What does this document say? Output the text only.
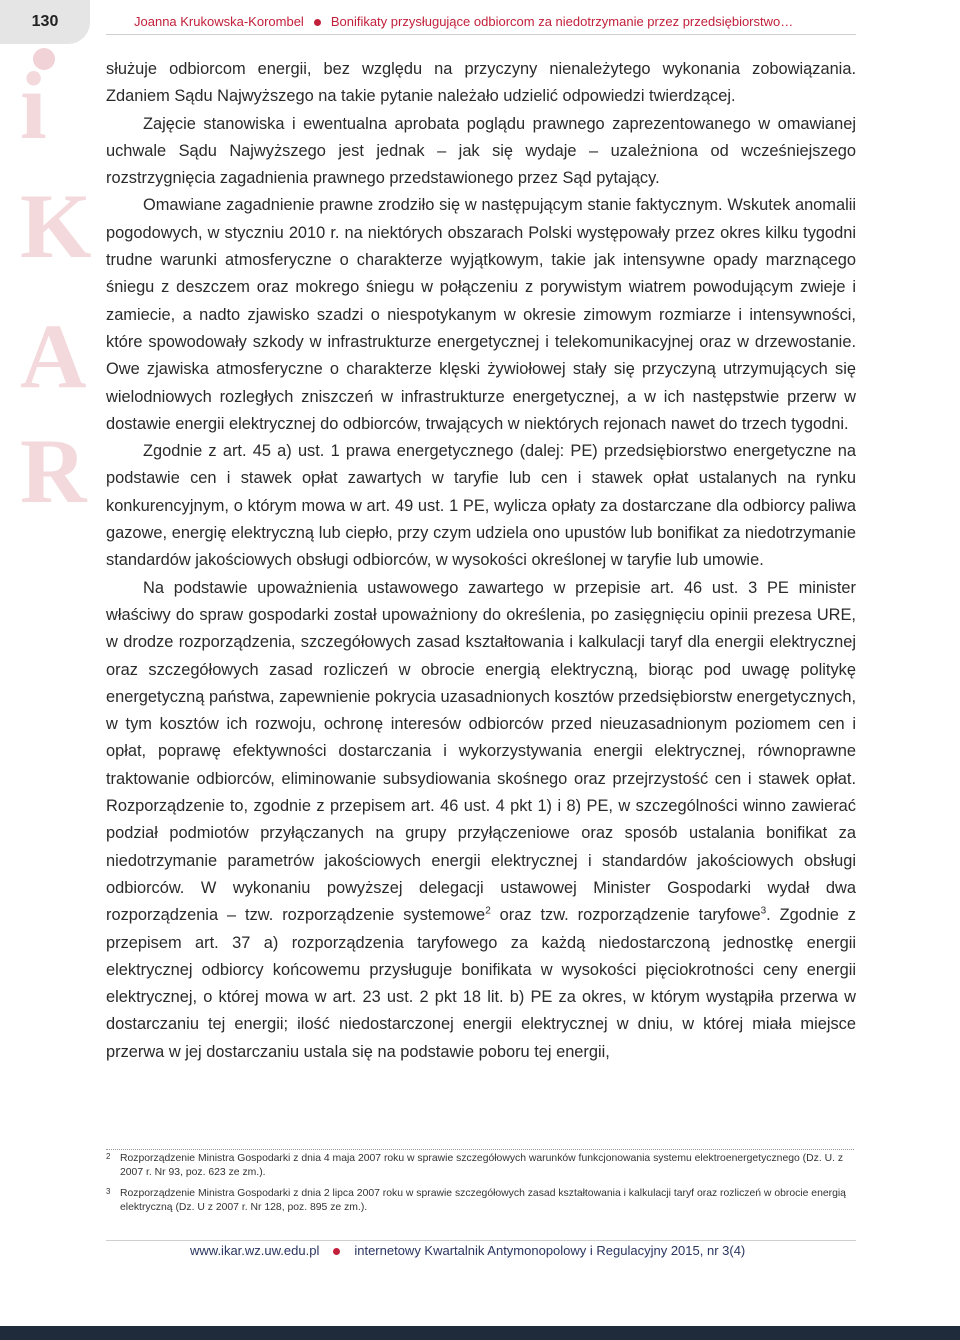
130	Joanna Krukowska-Korombel Bonifikaty przysługujące odbiorcom za niedotrzymanie przez przedsiębiorstwo…
i
K
A
R

służuje odbiorcom energii, bez względu na przyczyny nienależytego wykonania zobowiązania. Zdaniem Sądu Najwyższego na takie pytanie należało udzielić odpowiedzi twierdzącej.

Zajęcie stanowiska i ewentualna aprobata poglądu prawnego zaprezentowanego w omawianej uchwale Sądu Najwyższego jest jednak – jak się wydaje – uzależniona od wcześniejszego rozstrzygnięcia zagadnienia prawnego przedstawionego przez Sąd pytający.

Omawiane zagadnienie prawne zrodziło się w następującym stanie faktycznym. Wskutek anomalii pogodowych, w styczniu 2010 r. na niektórych obszarach Polski występowały przez okres kilku tygodni trudne warunki atmosferyczne o charakterze wyjątkowym, takie jak intensywne opady marznącego śniegu z deszczem oraz mokrego śniegu w połączeniu z porywistym wiatrem powodującym zwieje i zamiecie, a nadto zjawisko szadzi o niespotykanym w okresie zimowym rozmiarze i intensywności, które spowodowały szkody w infrastrukturze energetycznej i telekomunikacyjnej oraz w drzewostanie. Owe zjawiska atmosferyczne o charakterze klęski żywiołowej stały się przyczyną utrzymujących się wielodniowych rozległych zniszczeń w infrastrukturze energetycznej, a w ich następstwie przerw w dostawie energii elektrycznej do odbiorców, trwających w niektórych rejonach nawet do trzech tygodni.

Zgodnie z art. 45 a) ust. 1 prawa energetycznego (dalej: PE) przedsiębiorstwo energetyczne na podstawie cen i stawek opłat zawartych w taryfie lub cen i stawek opłat ustalanych na rynku konkurencyjnym, o którym mowa w art. 49 ust. 1 PE, wylicza opłaty za dostarczane dla odbiorcy paliwa gazowe, energię elektryczną lub ciepło, przy czym udziela ono upustów lub bonifikat za niedotrzymanie standardów jakościowych obsługi odbiorców, w wysokości określonej w taryfie lub umowie.

Na podstawie upoważnienia ustawowego zawartego w przepisie art. 46 ust. 3 PE minister właściwy do spraw gospodarki został upoważniony do określenia, po zasięgnięciu opinii prezesa URE, w drodze rozporządzenia, szczegółowych zasad kształtowania i kalkulacji taryf dla energii elektrycznej oraz szczegółowych zasad rozliczeń w obrocie energią elektryczną, biorąc pod uwagę politykę energetyczną państwa, zapewnienie pokrycia uzasadnionych kosztów przedsiębiorstw energetycznych, w tym kosztów ich rozwoju, ochronę interesów odbiorców przed nieuzasadnionym poziomem cen i opłat, poprawę efektywności dostarczania i wykorzystywania energii elektrycznej, równoprawne traktowanie odbiorców, eliminowanie subsydiowania skośnego oraz przejrzystość cen i stawek opłat. Rozporządzenie to, zgodnie z przepisem art. 46 ust. 4 pkt 1) i 8) PE, w szczególności winno zawierać podział podmiotów przyłączanych na grupy przyłączeniowe oraz sposób ustalania bonifikat za niedotrzymanie parametrów jakościowych energii elektrycznej i standardów jakościowych obsługi odbiorców. W wykonaniu powyższej delegacji ustawowej Minister Gospodarki wydał dwa rozporządzenia – tzw. rozporządzenie systemowe$^2$ oraz tzw. rozporządzenie taryfowe$^3$. Zgodnie z przepisem art. 37 a) rozporządzenia taryfowego za każdą niedostarczoną jednostkę energii elektrycznej odbiorcy końcowemu przysługuje bonifikata w wysokości pięciokrotności ceny energii elektrycznej, o której mowa w art. 23 ust. 2 pkt 18 lit. b) PE za okres, w którym wystąpiła przerwa w dostarczaniu tej energii; ilość niedostarczonej energii elektrycznej w dniu, w której miała miejsce przerwa w jej dostarczaniu ustala się na podstawie poboru tej energii,

2 Rozporządzenie Ministra Gospodarki z dnia 4 maja 2007 roku w sprawie szczegółowych warunków funkcjonowania systemu elektroenergetycznego (Dz. U. z 2007 r. Nr 93, poz. 623 ze zm.).
3 Rozporządzenie Ministra Gospodarki z dnia 2 lipca 2007 roku w sprawie szczegółowych zasad kształtowania i kalkulacji taryf oraz rozliczeń w obrocie energią elektryczną (Dz. U z 2007 r. Nr 128, poz. 895 ze zm.).
www.ikar.wz.uw.edu.pl	internetowy Kwartalnik Antymonopolowy i Regulacyjny 2015, nr 3(4)
